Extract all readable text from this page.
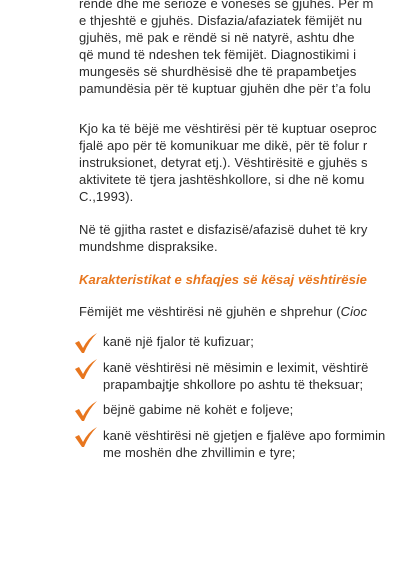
rëndë dhe më serioze e vonesës së gjuhës. Për m
e thjeshtë e gjuhës. Disfazia/afaziatek fëmijët nu
gjuhës, më pak e rëndë si në natyrë, ashtu dhe
që mund të ndeshen tek fëmijët. Diagnostikimi i
mungesës së shurdhësisë dhe të prapambetjes
pamundësia për të kuptuar gjuhën dhe për t’a folu
Kjo ka të bëjë me vështirësi për të kuptuar oseproc
fjalë apo për të komunikuar me dikë, për të folur r
instruksionet, detyrat etj.). Vështirësitë e gjuhës s
aktivitete të tjera jashtëshkollore, si dhe në komu
C.,1993).
Në të gjitha rastet e disfazisë/afazisë duhet të kry
mundshme dispraksike.
Karakteristikat e shfaqjes së kësaj vështirësie
Fëmijët me vështirësi në gjuhën e shprehur (Cioc
kanë një fjalor të kufizuar;
kanë vështirësi në mësimin e leximit, vështirë
prapambajtje shkollore po ashtu të theksuar;
bëjnë gabime në kohët e foljeve;
kanë vështirësi në gjetjen e fjalëve apo formimin
me moshën dhe zhvillimin e tyre;
